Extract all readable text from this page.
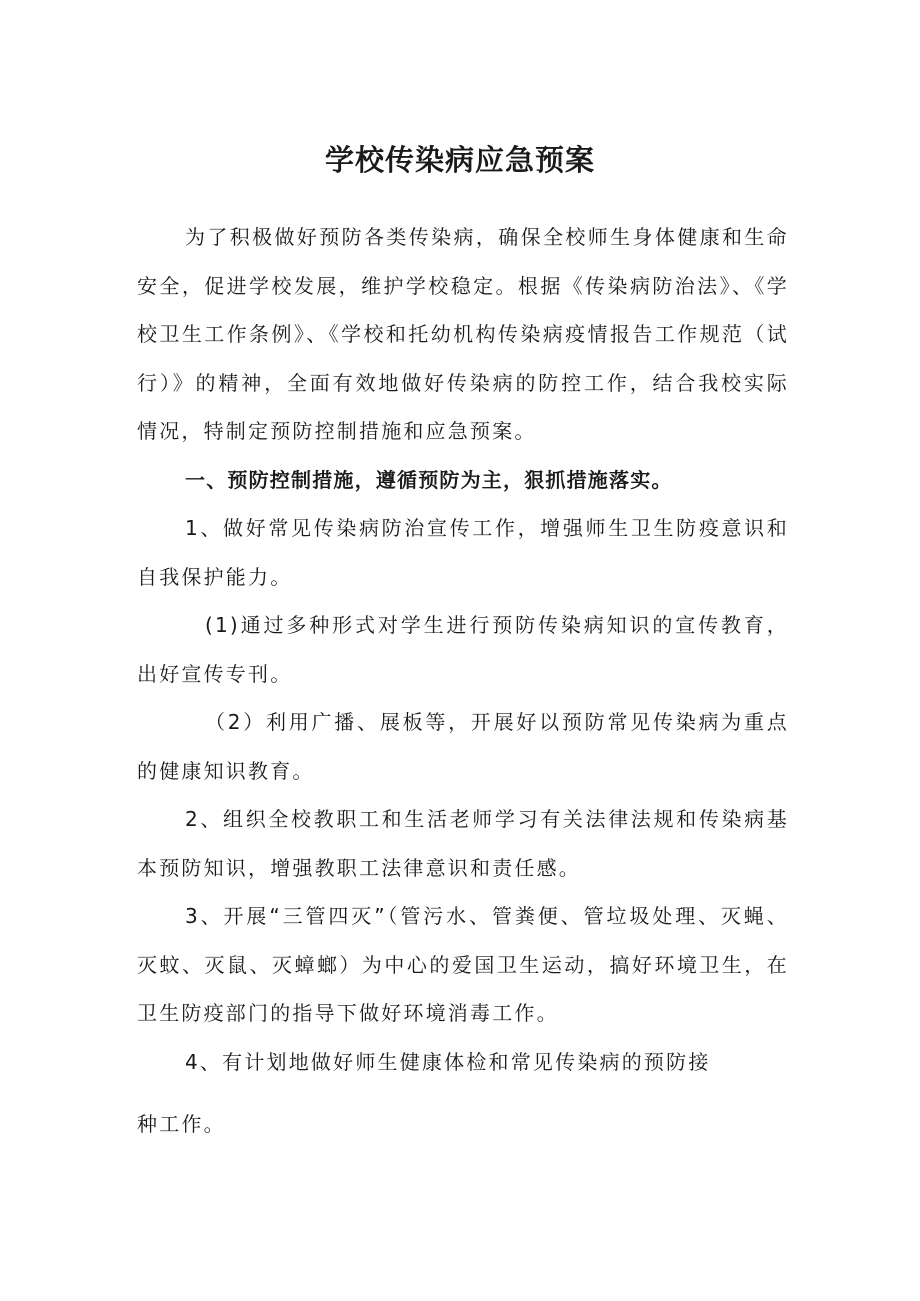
学校传染病应急预案

为了积极做好预防各类传染病，确保全校师生身体健康和生命安全，促进学校发展，维护学校稳定。根据《传染病防治法》、《学校卫生工作条例》、《学校和托幼机构传染病疫情报告工作规范（试行）》的精神，全面有效地做好传染病的防控工作，结合我校实际情况，特制定预防控制措施和应急预案。

一、预防控制措施，遵循预防为主，狠抓措施落实。

1、做好常见传染病防治宣传工作，增强师生卫生防疫意识和自我保护能力。

(1)通过多种形式对学生进行预防传染病知识的宣传教育，出好宣传专刊。

（2）利用广播、展板等，开展好以预防常见传染病为重点的健康知识教育。

2、组织全校教职工和生活老师学习有关法律法规和传染病基本预防知识，增强教职工法律意识和责任感。

3、开展“三管四灭”（管污水、管粪便、管垃圾处理、灭蝇、灭蚊、灭鼠、灭蟑螂）为中心的爱国卫生运动，搞好环境卫生，在卫生防疫部门的指导下做好环境消毒工作。

4、有计划地做好师生健康体检和常见传染病的预防接

种工作。
